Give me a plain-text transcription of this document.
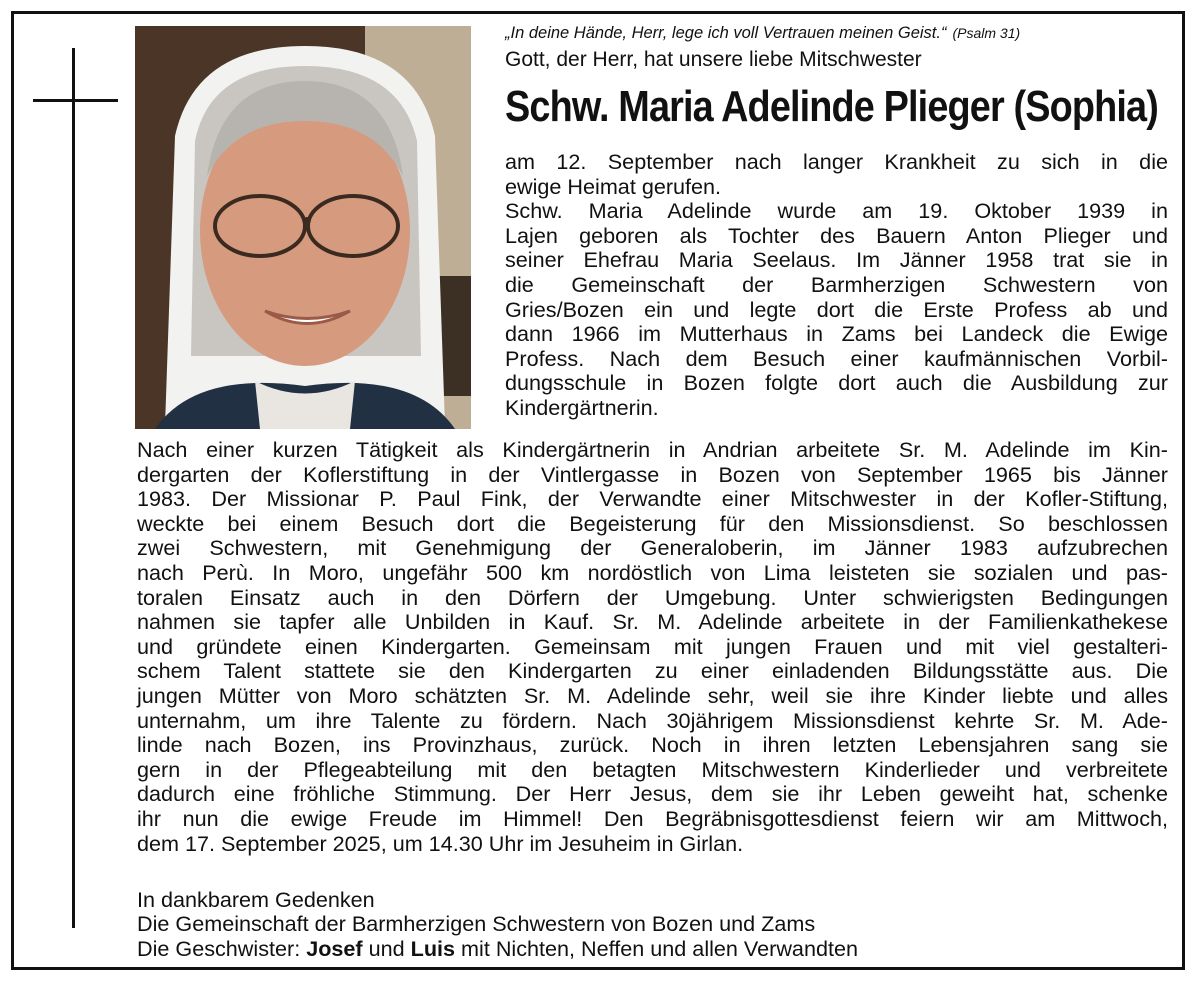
„In deine Hände, Herr, lege ich voll Vertrauen meinen Geist.“ (Psalm 31)
Gott, der Herr, hat unsere liebe Mitschwester
Schw. Maria Adelinde Plieger (Sophia)
am 12. September nach langer Krankheit zu sich in die
ewige Heimat gerufen.
Schw. Maria Adelinde wurde am 19. Oktober 1939 in
Lajen geboren als Tochter des Bauern Anton Plieger und
seiner Ehefrau Maria Seelaus. Im Jänner 1958 trat sie in
die Gemeinschaft der Barmherzigen Schwestern von
Gries/Bozen ein und legte dort die Erste Profess ab und
dann 1966 im Mutterhaus in Zams bei Landeck die Ewige
Profess. Nach dem Besuch einer kaufmännischen Vorbil-
dungsschule in Bozen folgte dort auch die Ausbildung zur
Kindergärtnerin.
Nach einer kurzen Tätigkeit als Kindergärtnerin in Andrian arbeitete Sr. M. Adelinde im Kin-
dergarten der Koflerstiftung in der Vintlergasse in Bozen von September 1965 bis Jänner
1983. Der Missionar P. Paul Fink, der Verwandte einer Mitschwester in der Kofler-Stiftung,
weckte bei einem Besuch dort die Begeisterung für den Missionsdienst. So beschlossen
zwei Schwestern, mit Genehmigung der Generaloberin, im Jänner 1983 aufzubrechen
nach Perù. In Moro, ungefähr 500 km nordöstlich von Lima leisteten sie sozialen und pas-
toralen Einsatz auch in den Dörfern der Umgebung. Unter schwierigsten Bedingungen
nahmen sie tapfer alle Unbilden in Kauf. Sr. M. Adelinde arbeitete in der Familienkathekese
und gründete einen Kindergarten. Gemeinsam mit jungen Frauen und mit viel gestalteri-
schem Talent stattete sie den Kindergarten zu einer einladenden Bildungsstätte aus. Die
jungen Mütter von Moro schätzten Sr. M. Adelinde sehr, weil sie ihre Kinder liebte und alles
unternahm, um ihre Talente zu fördern. Nach 30jährigem Missionsdienst kehrte Sr. M. Ade-
linde nach Bozen, ins Provinzhaus, zurück. Noch in ihren letzten Lebensjahren sang sie
gern in der Pflegeabteilung mit den betagten Mitschwestern Kinderlieder und verbreitete
dadurch eine fröhliche Stimmung. Der Herr Jesus, dem sie ihr Leben geweiht hat, schenke
ihr nun die ewige Freude im Himmel! Den Begräbnisgottesdienst feiern wir am Mittwoch,
dem 17. September 2025, um 14.30 Uhr im Jesuheim in Girlan.
In dankbarem Gedenken
Die Gemeinschaft der Barmherzigen Schwestern von Bozen und Zams
Die Geschwister: Josef und Luis mit Nichten, Neffen und allen Verwandten
